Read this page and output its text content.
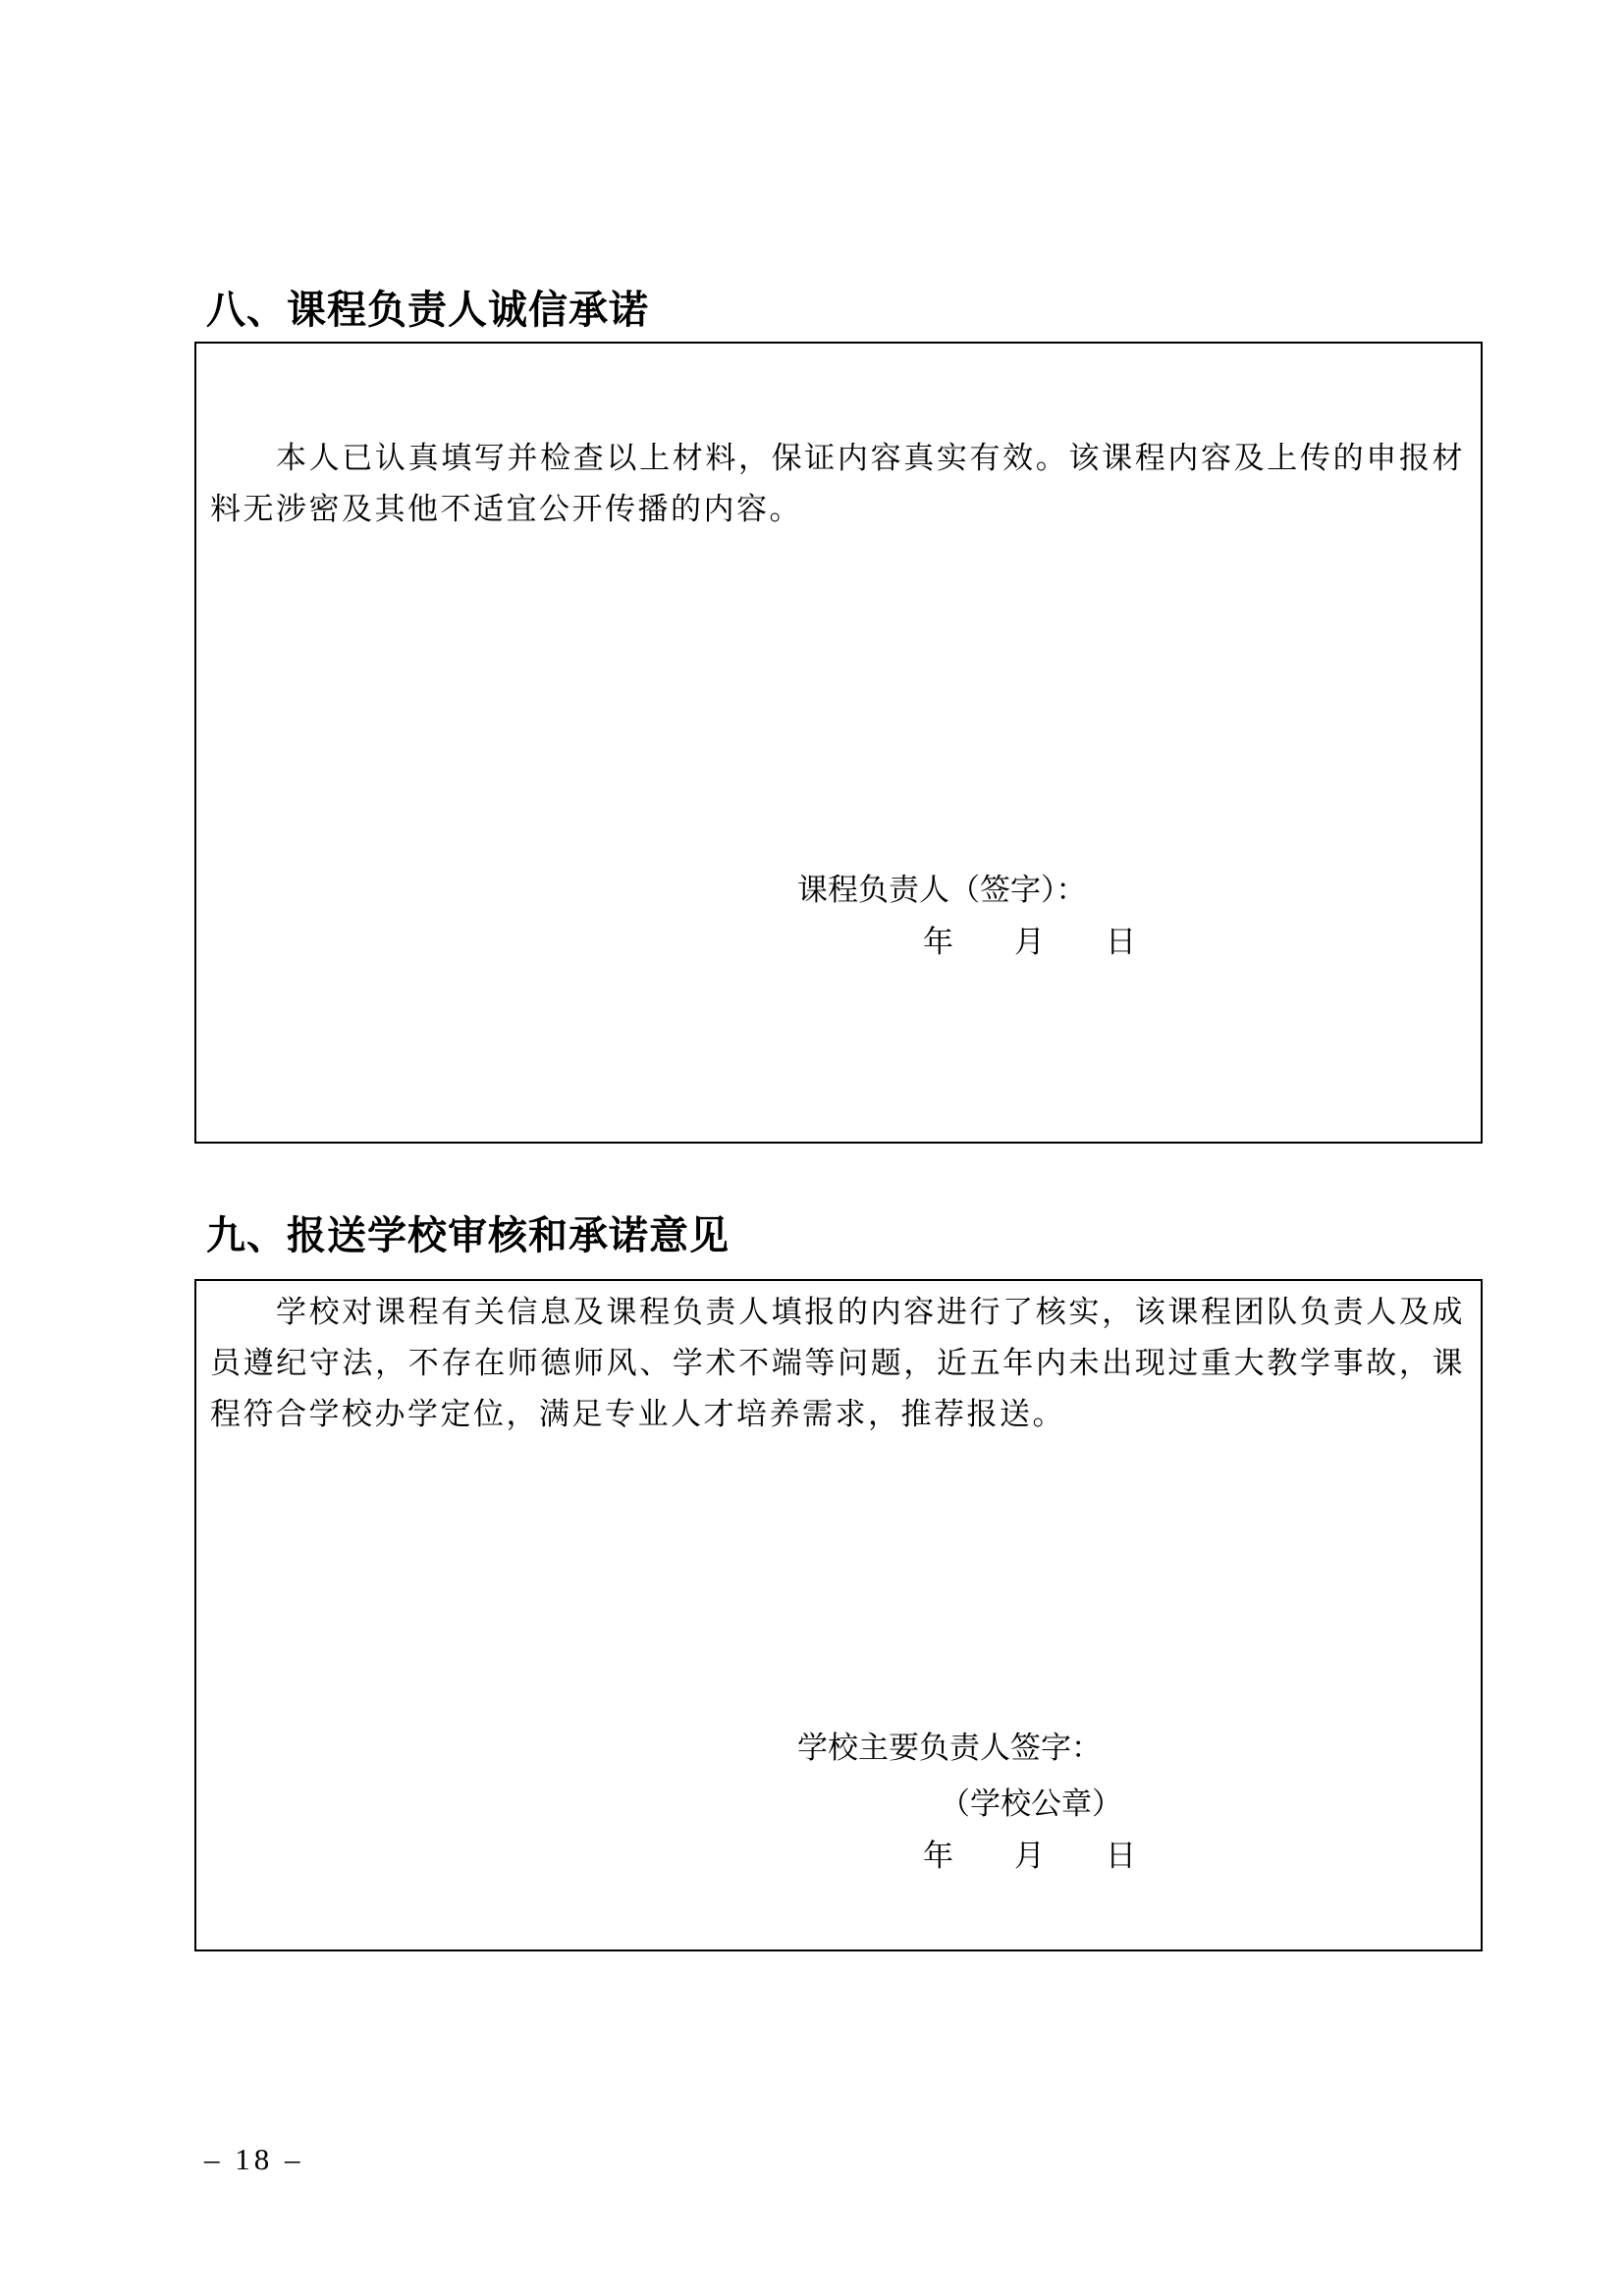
八、课程负责人诚信承诺

本人已认真填写并检查以上材料，保证内容真实有效。该课程内容及上传的申报材料无涉密及其他不适宜公开传播的内容。

课程负责人（签字）：
年　　月　　日
九、报送学校审核和承诺意见

学校对课程有关信息及课程负责人填报的内容进行了核实，该课程团队负责人及成员遵纪守法，不存在师德师风、学术不端等问题，近五年内未出现过重大教学事故，课程符合学校办学定位，满足专业人才培养需求，推荐报送。

学校主要负责人签字：
（学校公章）
年　　月　　日
– 18 –
